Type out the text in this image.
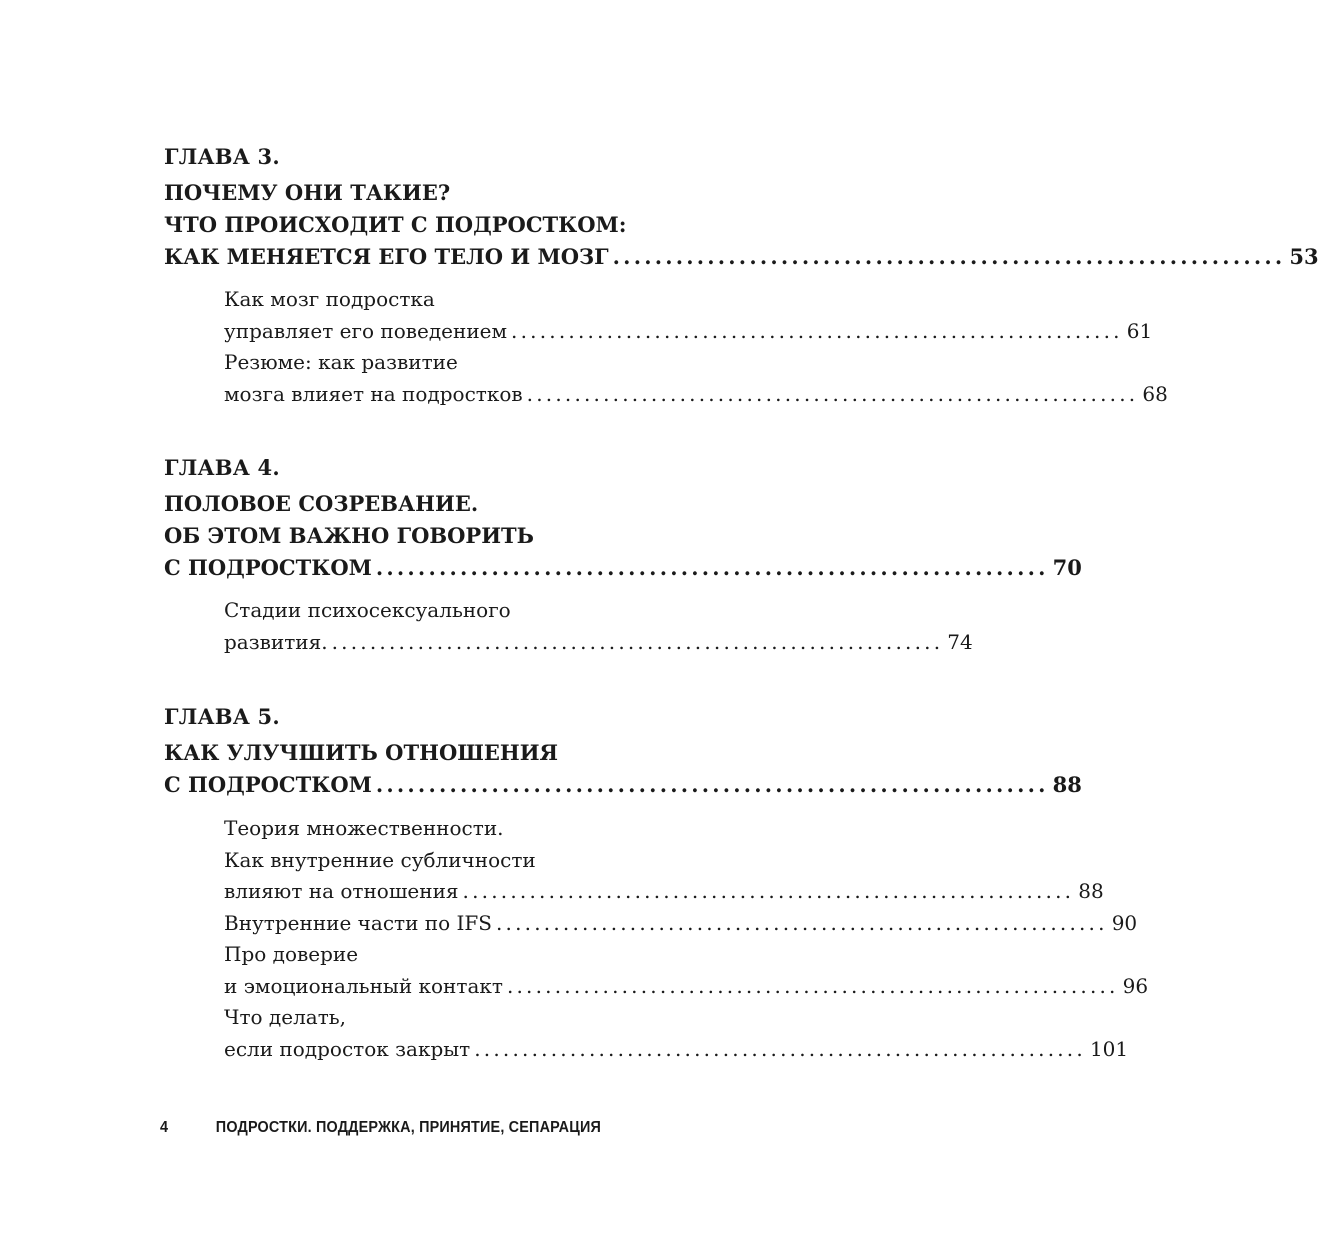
ГЛАВА 3.
ПОЧЕМУ ОНИ ТАКИЕ?
ЧТО ПРОИСХОДИТ С ПОДРОСТКОМ:
КАК МЕНЯЕТСЯ ЕГО ТЕЛО И МОЗГ ................................................................ 53
Как мозг подростка
управляет его поведением ................................................................ 61
Резюме: как развитие
мозга влияет на подростков ................................................................ 68
ГЛАВА 4.
ПОЛОВОЕ СОЗРЕВАНИЕ.
ОБ ЭТОМ ВАЖНО ГОВОРИТЬ
С ПОДРОСТКОМ ................................................................ 70
Стадии психосексуального
развития. ................................................................ 74
ГЛАВА 5.
КАК УЛУЧШИТЬ ОТНОШЕНИЯ
С ПОДРОСТКОМ ................................................................ 88
Теория множественности.
Как внутренние субличности
влияют на отношения ................................................................ 88
Внутренние части по IFS ................................................................ 90
Про доверие
и эмоциональный контакт ................................................................ 96
Что делать,
если подросток закрыт ................................................................ 101
4	ПОДРОСТКИ. ПОДДЕРЖКА, ПРИНЯТИЕ, СЕПАРАЦИЯ
